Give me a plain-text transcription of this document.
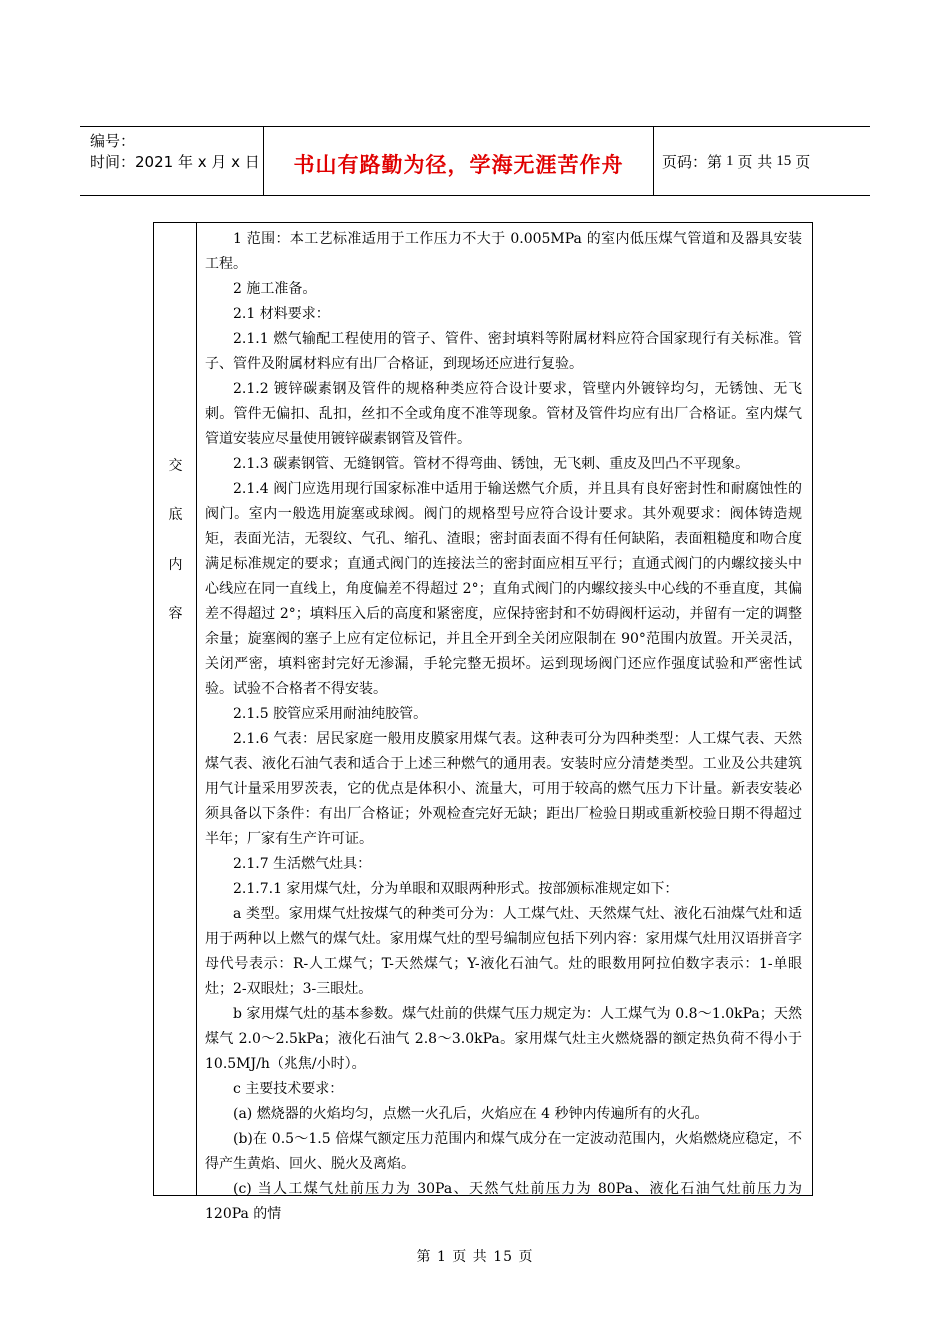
编号：
时间：2021 年 x 月 x 日 书山有路勤为径，学海无涯苦作舟	页码：第 1 页 共 15 页
交
底
内
容

1 范围：本工艺标准适用于工作压力不大于 0.005MPa 的室内低压煤气管道和及器具安装工程。

2 施工准备。

2.1 材料要求：

2.1.1 燃气输配工程使用的管子、管件、密封填料等附属材料应符合国家现行有关标准。管子、管件及附属材料应有出厂合格证，到现场还应进行复验。

2.1.2 镀锌碳素钢及管件的规格种类应符合设计要求，管壁内外镀锌均匀，无锈蚀、无飞刺。管件无偏扣、乱扣，丝扣不全或角度不准等现象。管材及管件均应有出厂合格证。室内煤气管道安装应尽量使用镀锌碳素钢管及管件。

2.1.3 碳素钢管、无缝钢管。管材不得弯曲、锈蚀，无飞刺、重皮及凹凸不平现象。

2.1.4 阀门应选用现行国家标准中适用于输送燃气介质，并且具有良好密封性和耐腐蚀性的阀门。室内一般选用旋塞或球阀。阀门的规格型号应符合设计要求。其外观要求：阀体铸造规矩，表面光洁，无裂纹、气孔、缩孔、渣眼；密封面表面不得有任何缺陷，表面粗糙度和吻合度满足标准规定的要求；直通式阀门的连接法兰的密封面应相互平行；直通式阀门的内螺纹接头中心线应在同一直线上，角度偏差不得超过 2°；直角式阀门的内螺纹接头中心线的不垂直度，其偏差不得超过 2°；填料压入后的高度和紧密度，应保持密封和不妨碍阀杆运动，并留有一定的调整余量；旋塞阀的塞子上应有定位标记，并且全开到全关闭应限制在 90°范围内放置。开关灵活，关闭严密，填料密封完好无渗漏，手轮完整无损坏。运到现场阀门还应作强度试验和严密性试验。试验不合格者不得安装。

2.1.5 胶管应采用耐油纯胶管。

2.1.6 气表：居民家庭一般用皮膜家用煤气表。这种表可分为四种类型：人工煤气表、天然煤气表、液化石油气表和适合于上述三种燃气的通用表。安装时应分清楚类型。工业及公共建筑用气计量采用罗茨表，它的优点是体积小、流量大，可用于较高的燃气压力下计量。新表安装必须具备以下条件：有出厂合格证；外观检查完好无缺；距出厂检验日期或重新校验日期不得超过半年；厂家有生产许可证。

2.1.7 生活燃气灶具：

2.1.7.1 家用煤气灶，分为单眼和双眼两种形式。按部颁标准规定如下：

a 类型。家用煤气灶按煤气的种类可分为：人工煤气灶、天然煤气灶、液化石油煤气灶和适用于两种以上燃气的煤气灶。家用煤气灶的型号编制应包括下列内容：家用煤气灶用汉语拼音字母代号表示：R-人工煤气；T-天然煤气；Y-液化石油气。灶的眼数用阿拉伯数字表示：1-单眼灶；2-双眼灶；3-三眼灶。

b 家用煤气灶的基本参数。煤气灶前的供煤气压力规定为：人工煤气为 0.8～1.0kPa；天然煤气 2.0～2.5kPa；液化石油气 2.8～3.0kPa。家用煤气灶主火燃烧器的额定热负荷不得小于 10.5MJ/h（兆焦/小时）。

c 主要技术要求：

(a) 燃烧器的火焰均匀，点燃一火孔后，火焰应在 4 秒钟内传遍所有的火孔。

(b)在 0.5～1.5 倍煤气额定压力范围内和煤气成分在一定波动范围内，火焰燃烧应稳定，不得产生黄焰、回火、脱火及离焰。

(c) 当人工煤气灶前压力为 30Pa、天然气灶前压力为 80Pa、液化石油气灶前压力为 120Pa 的情

第 1 页 共 15 页
